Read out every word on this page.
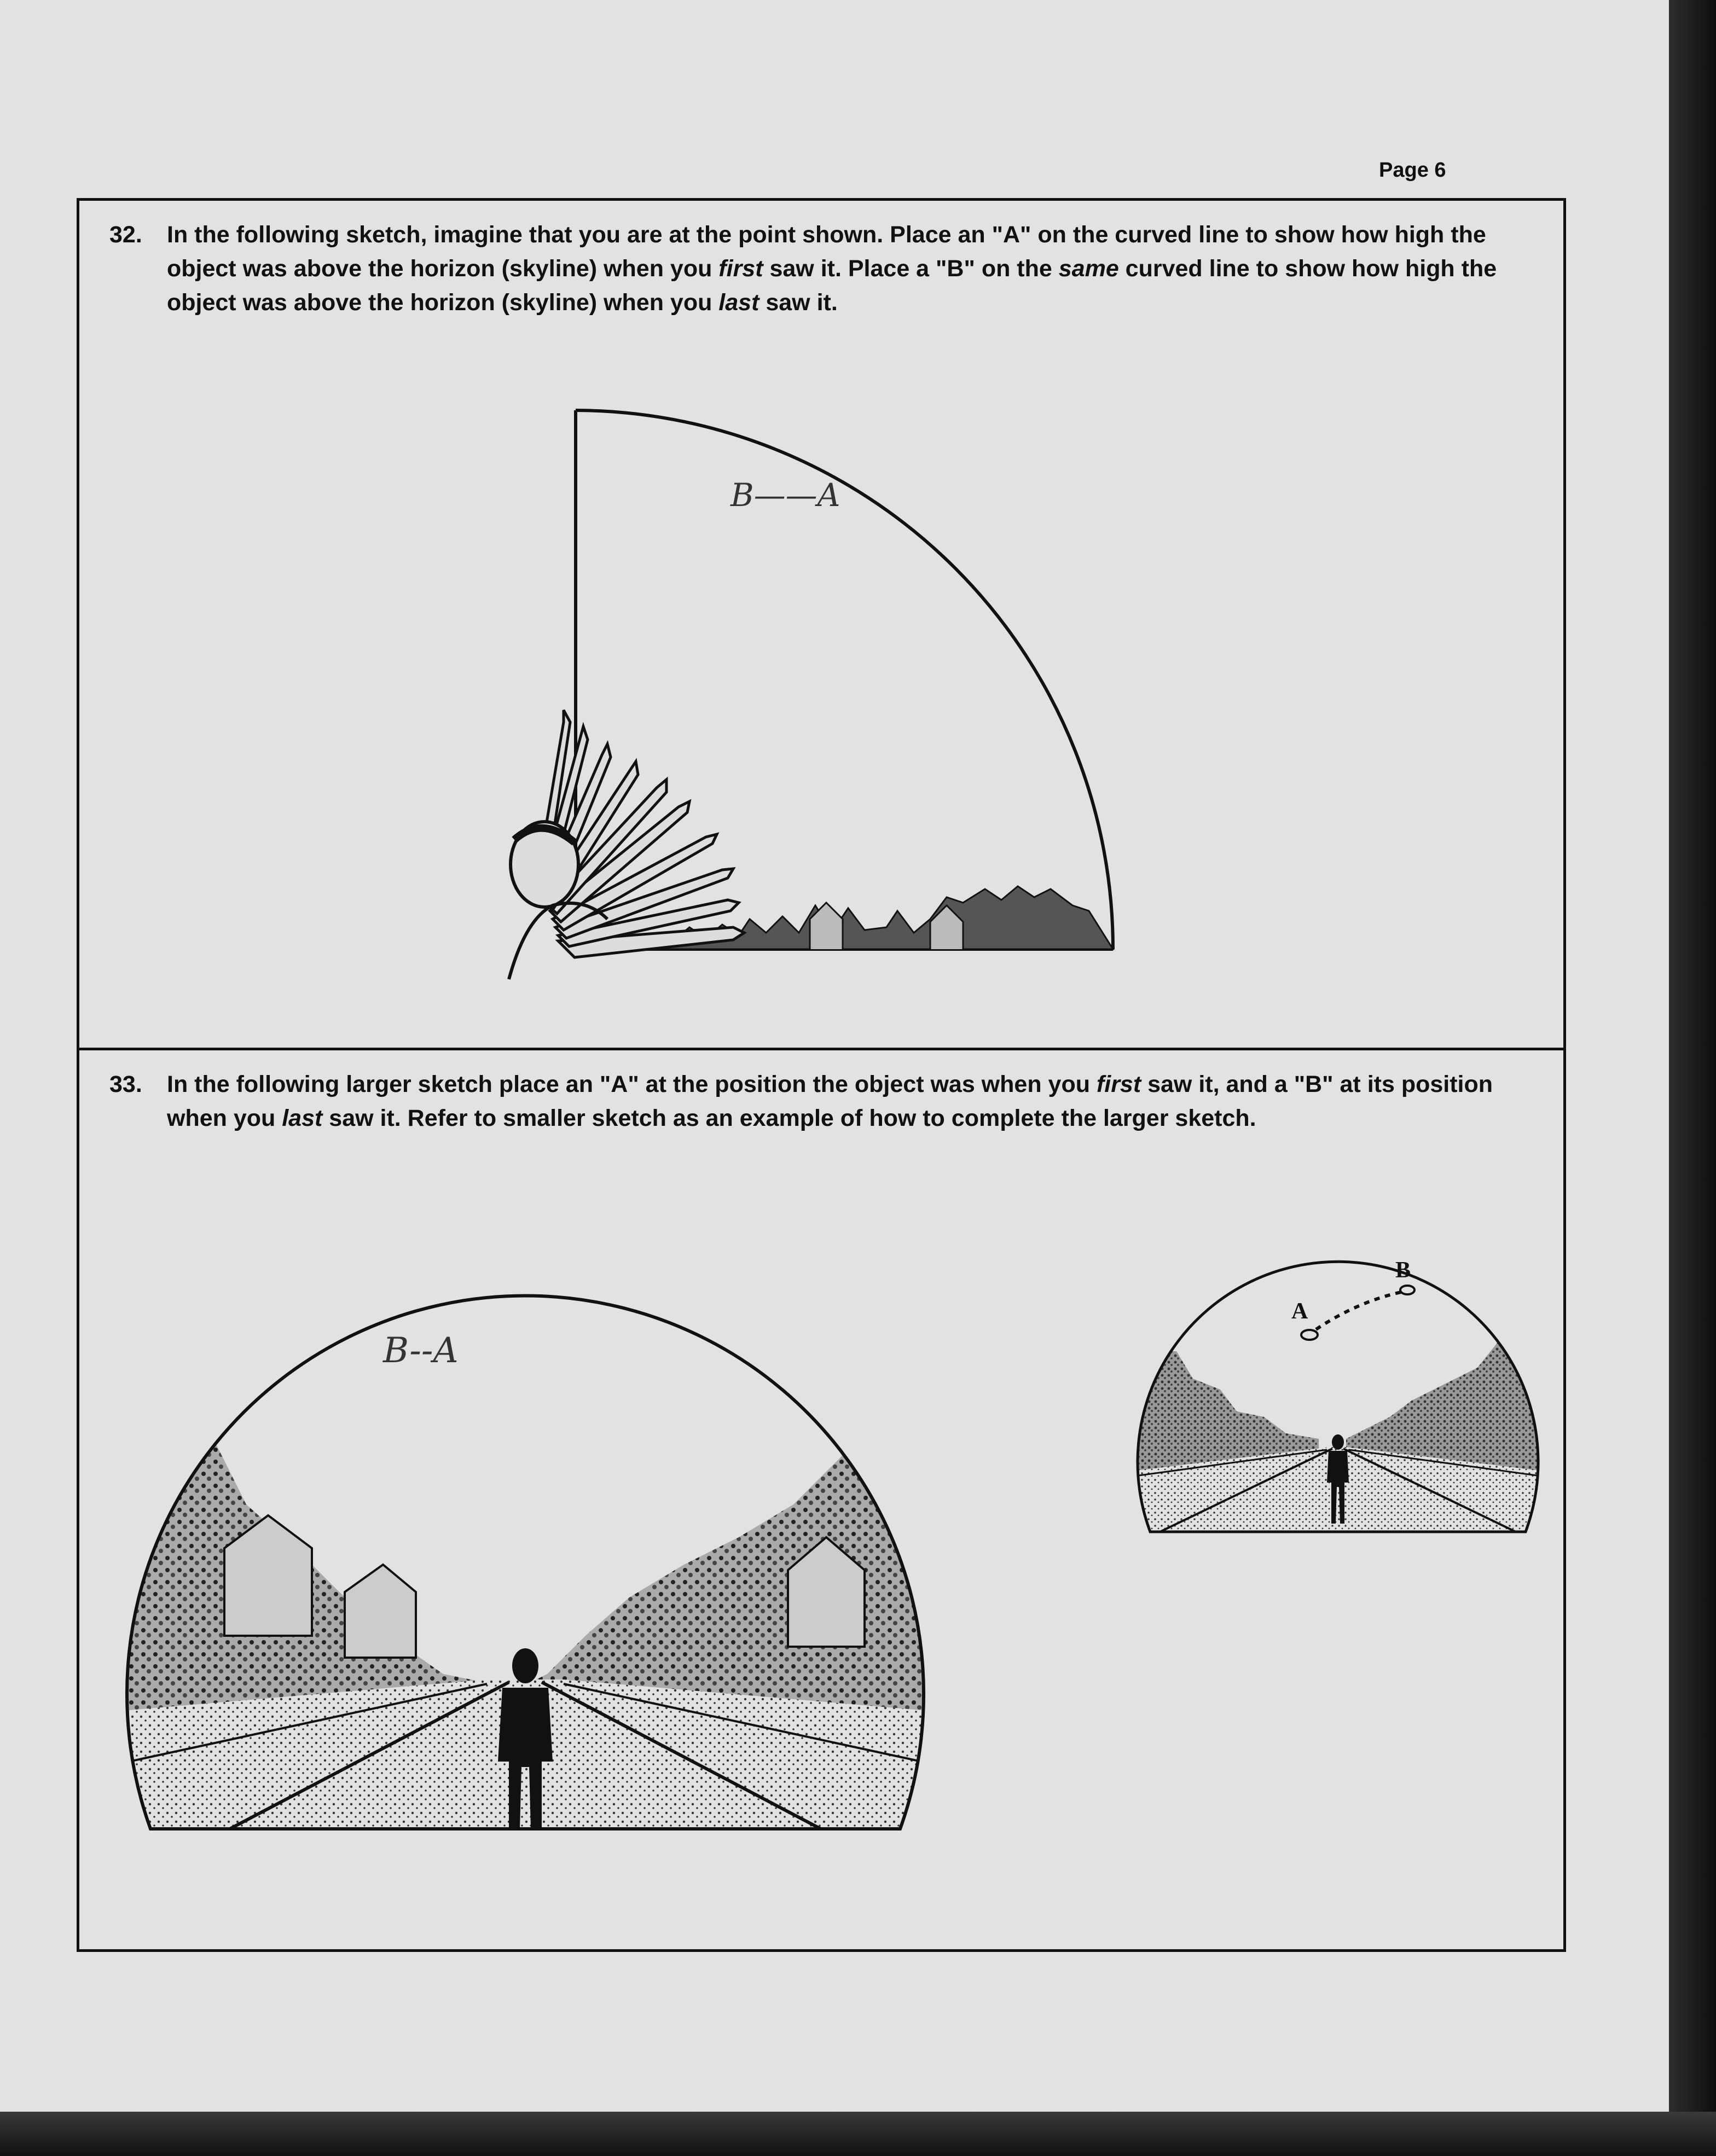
Page 6
32. In the following sketch, imagine that you are at the point shown. Place an "A" on the curved line to show how high the object was above the horizon (skyline) when you first saw it. Place a "B" on the same curved line to show how high the object was above the horizon (skyline) when you last saw it.
B——A
33. In the following larger sketch place an "A" at the position the object was when you first saw it, and a "B" at its position when you last saw it. Refer to smaller sketch as an example of how to complete the larger sketch.
B--A
A
B
